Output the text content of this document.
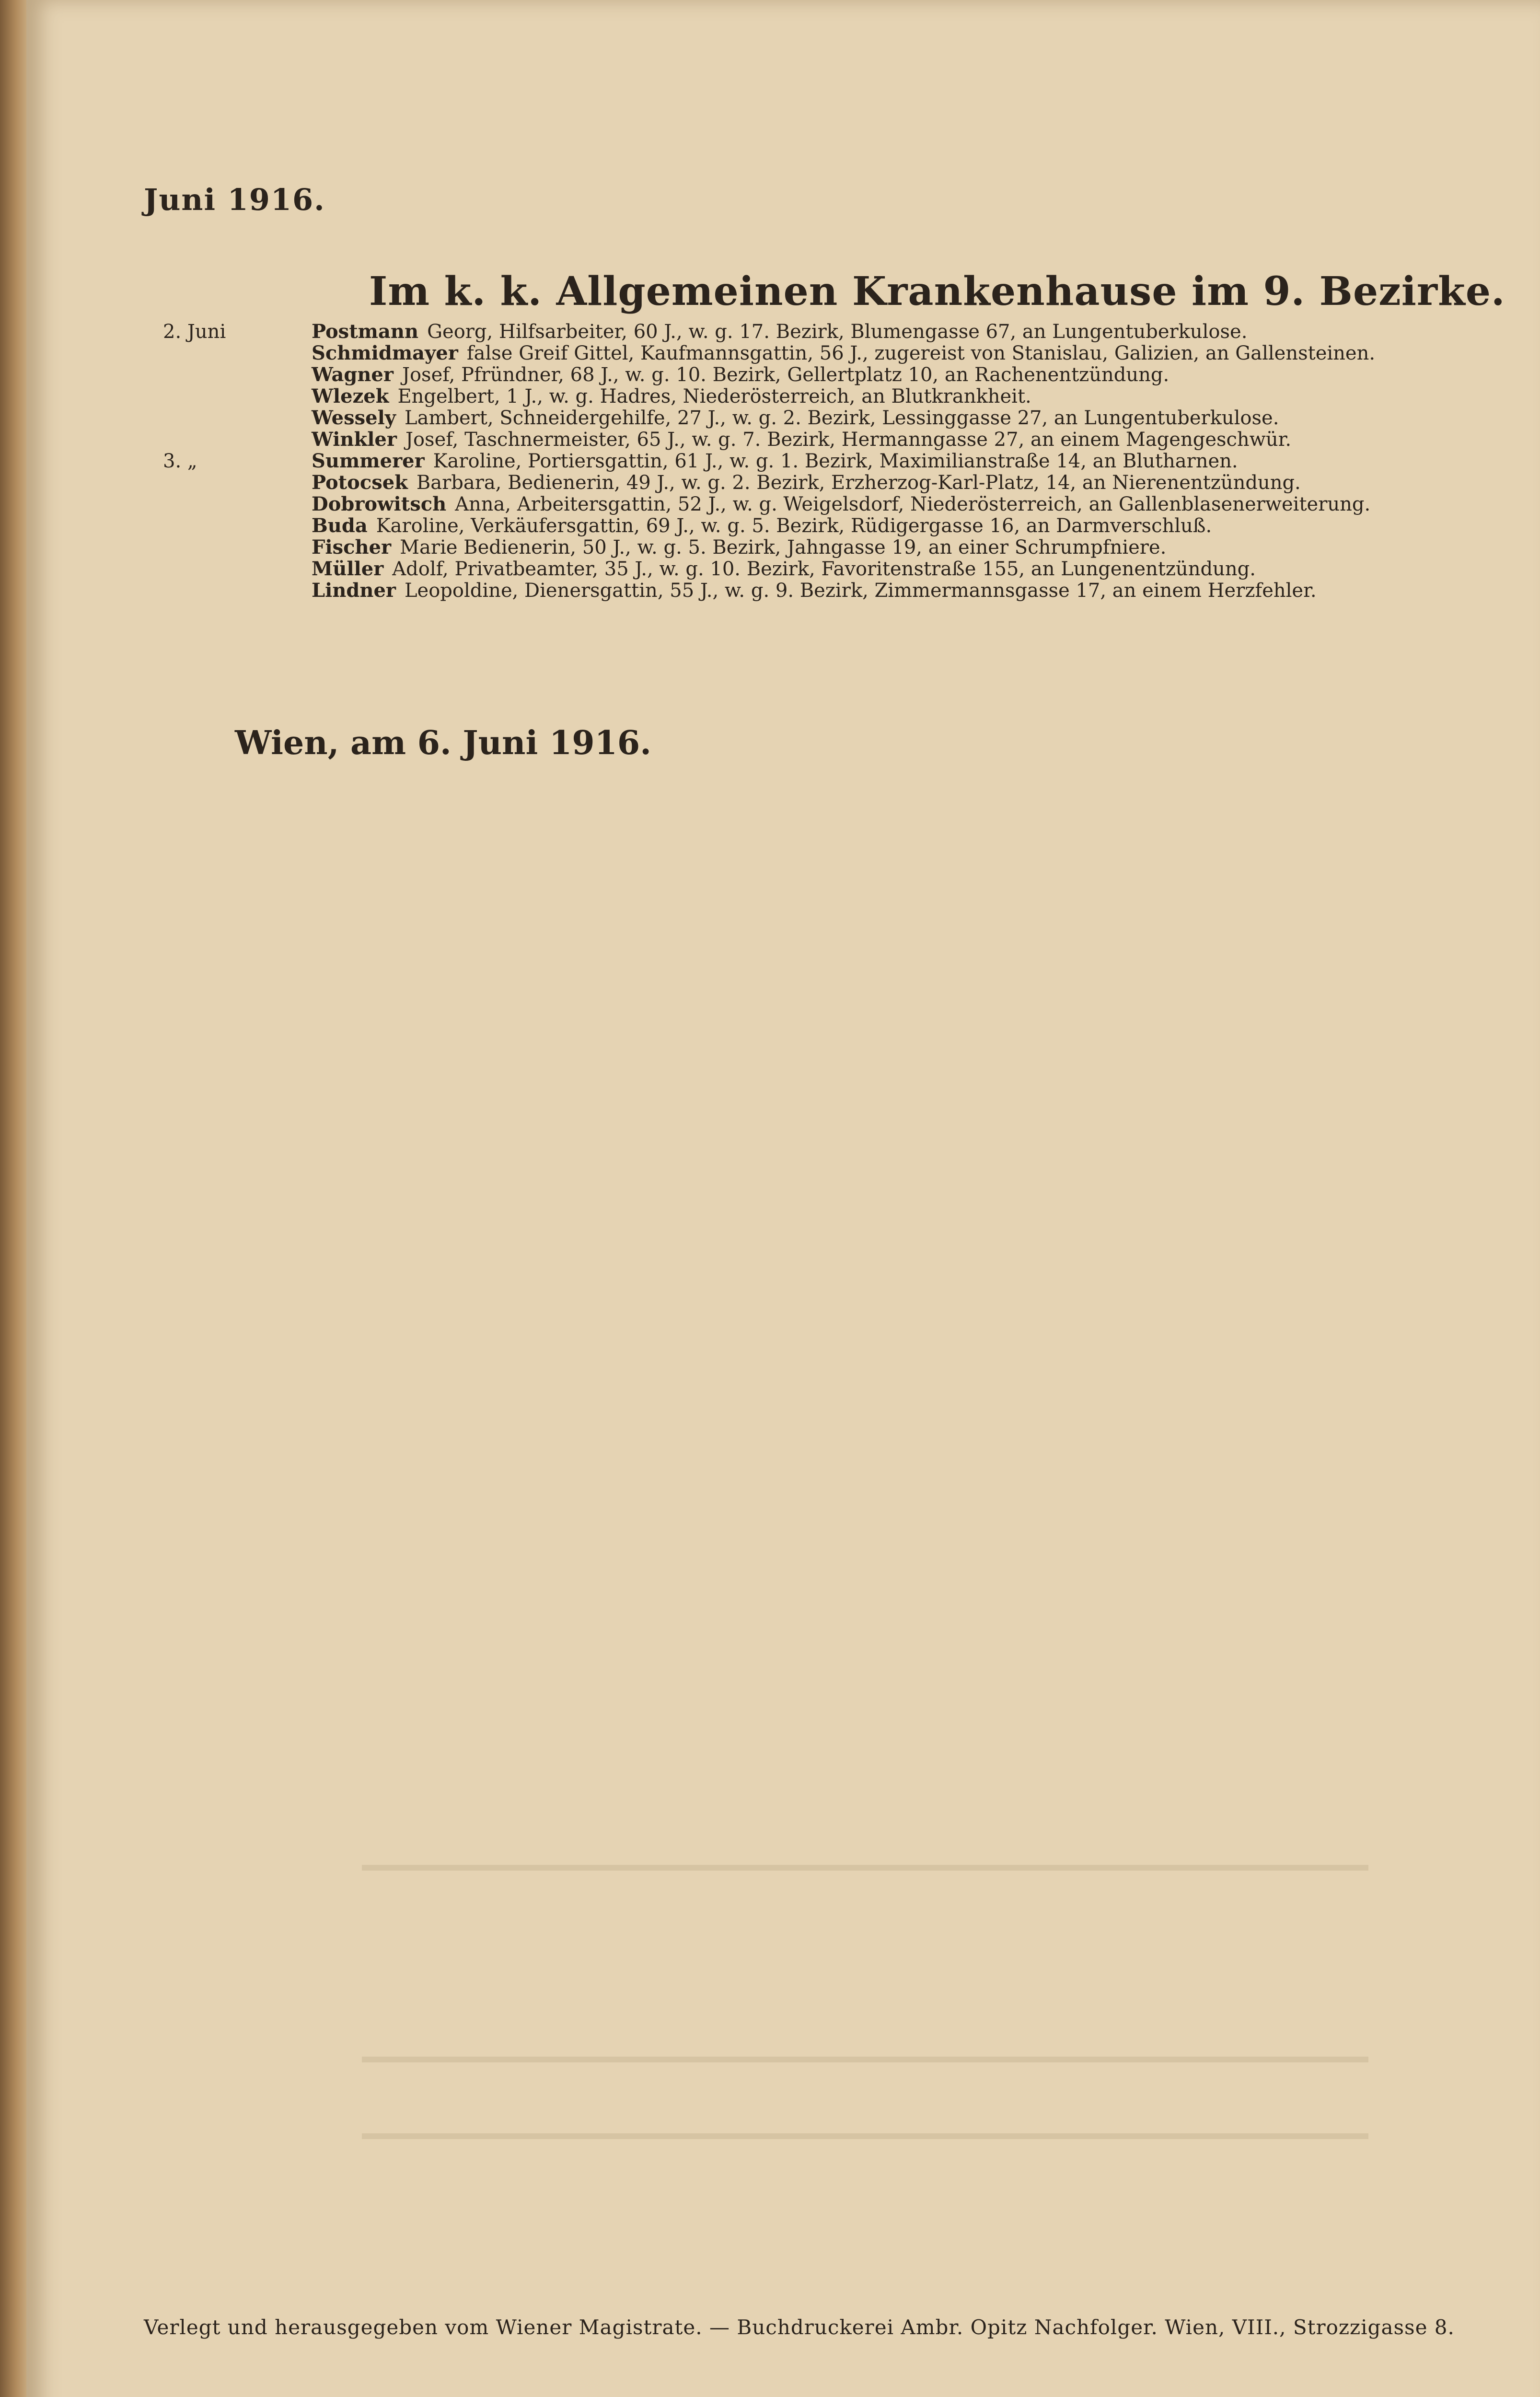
Juni 1916.
Im k. k. Allgemeinen Krankenhause im 9. Bezirke.
2. Juni	Postmann Georg, Hilfsarbeiter, 60 J., w. g. 17. Bezirk, Blumengasse 67, an Lungentuberkulose.
Schmidmayer false Greif Gittel, Kaufmannsgattin, 56 J., zugereist von Stanislau, Galizien, an Gallensteinen.
Wagner Josef, Pfründner, 68 J., w. g. 10. Bezirk, Gellertplatz 10, an Rachenentzündung.
Wlezek Engelbert, 1 J., w. g. Hadres, Niederösterreich, an Blutkrankheit.
Wessely Lambert, Schneidergehilfe, 27 J., w. g. 2. Bezirk, Lessinggasse 27, an Lungentuberkulose.
Winkler Josef, Taschnermeister, 65 J., w. g. 7. Bezirk, Hermanngasse 27, an einem Magengeschwür.
3. „	Summerer Karoline, Portiersgattin, 61 J., w. g. 1. Bezirk, Maximilianstraße 14, an Blutharnen.
Potocsek Barbara, Bedienerin, 49 J., w. g. 2. Bezirk, Erzherzog-Karl-Platz, 14, an Nierenentzündung.
Dobrowitsch Anna, Arbeitersgattin, 52 J., w. g. Weigelsdorf, Niederösterreich, an Gallenblasenerweiterung.
Buda Karoline, Verkäufersgattin, 69 J., w. g. 5. Bezirk, Rüdigergasse 16, an Darmverschluß.
Fischer Marie Bedienerin, 50 J., w. g. 5. Bezirk, Jahngasse 19, an einer Schrumpfniere.
Müller Adolf, Privatbeamter, 35 J., w. g. 10. Bezirk, Favoritenstraße 155, an Lungenentzündung.
Lindner Leopoldine, Dienersgattin, 55 J., w. g. 9. Bezirk, Zimmermannsgasse 17, an einem Herzfehler.
Wien, am 6. Juni 1916.
Verlegt und herausgegeben vom Wiener Magistrate. — Buchdruckerei Ambr. Opitz Nachfolger. Wien, VIII., Strozzigasse 8.
